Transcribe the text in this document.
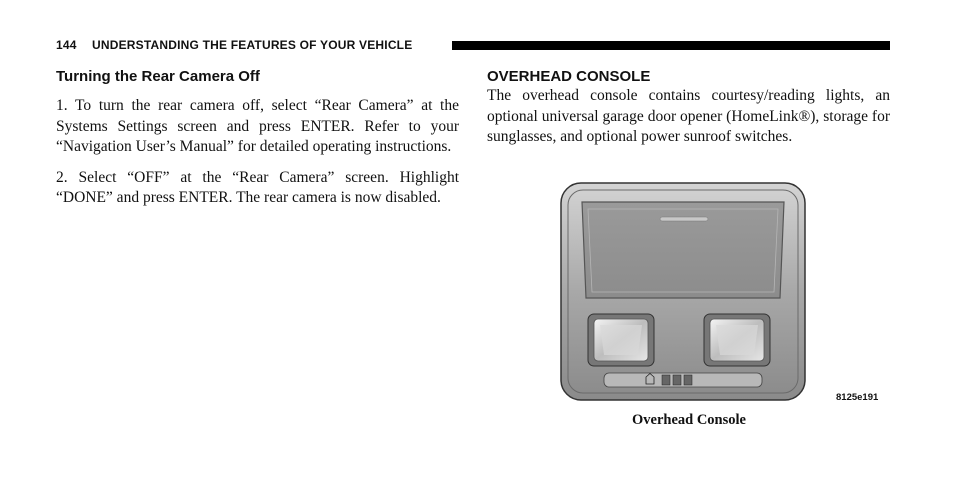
144 UNDERSTANDING THE FEATURES OF YOUR VEHICLE
Turning the Rear Camera Off

1. To turn the rear camera off, select “Rear Camera” at the Systems Settings screen and press ENTER. Refer to your “Navigation User’s Manual” for detailed operating instructions.

2. Select “OFF” at the “Rear Camera” screen. Highlight “DONE” and press ENTER. The rear camera is now disabled.

OVERHEAD CONSOLE

The overhead console contains courtesy/reading lights, an optional universal garage door opener (HomeLink®), storage for sunglasses, and optional power sunroof switches.

8125e191
Overhead Console
